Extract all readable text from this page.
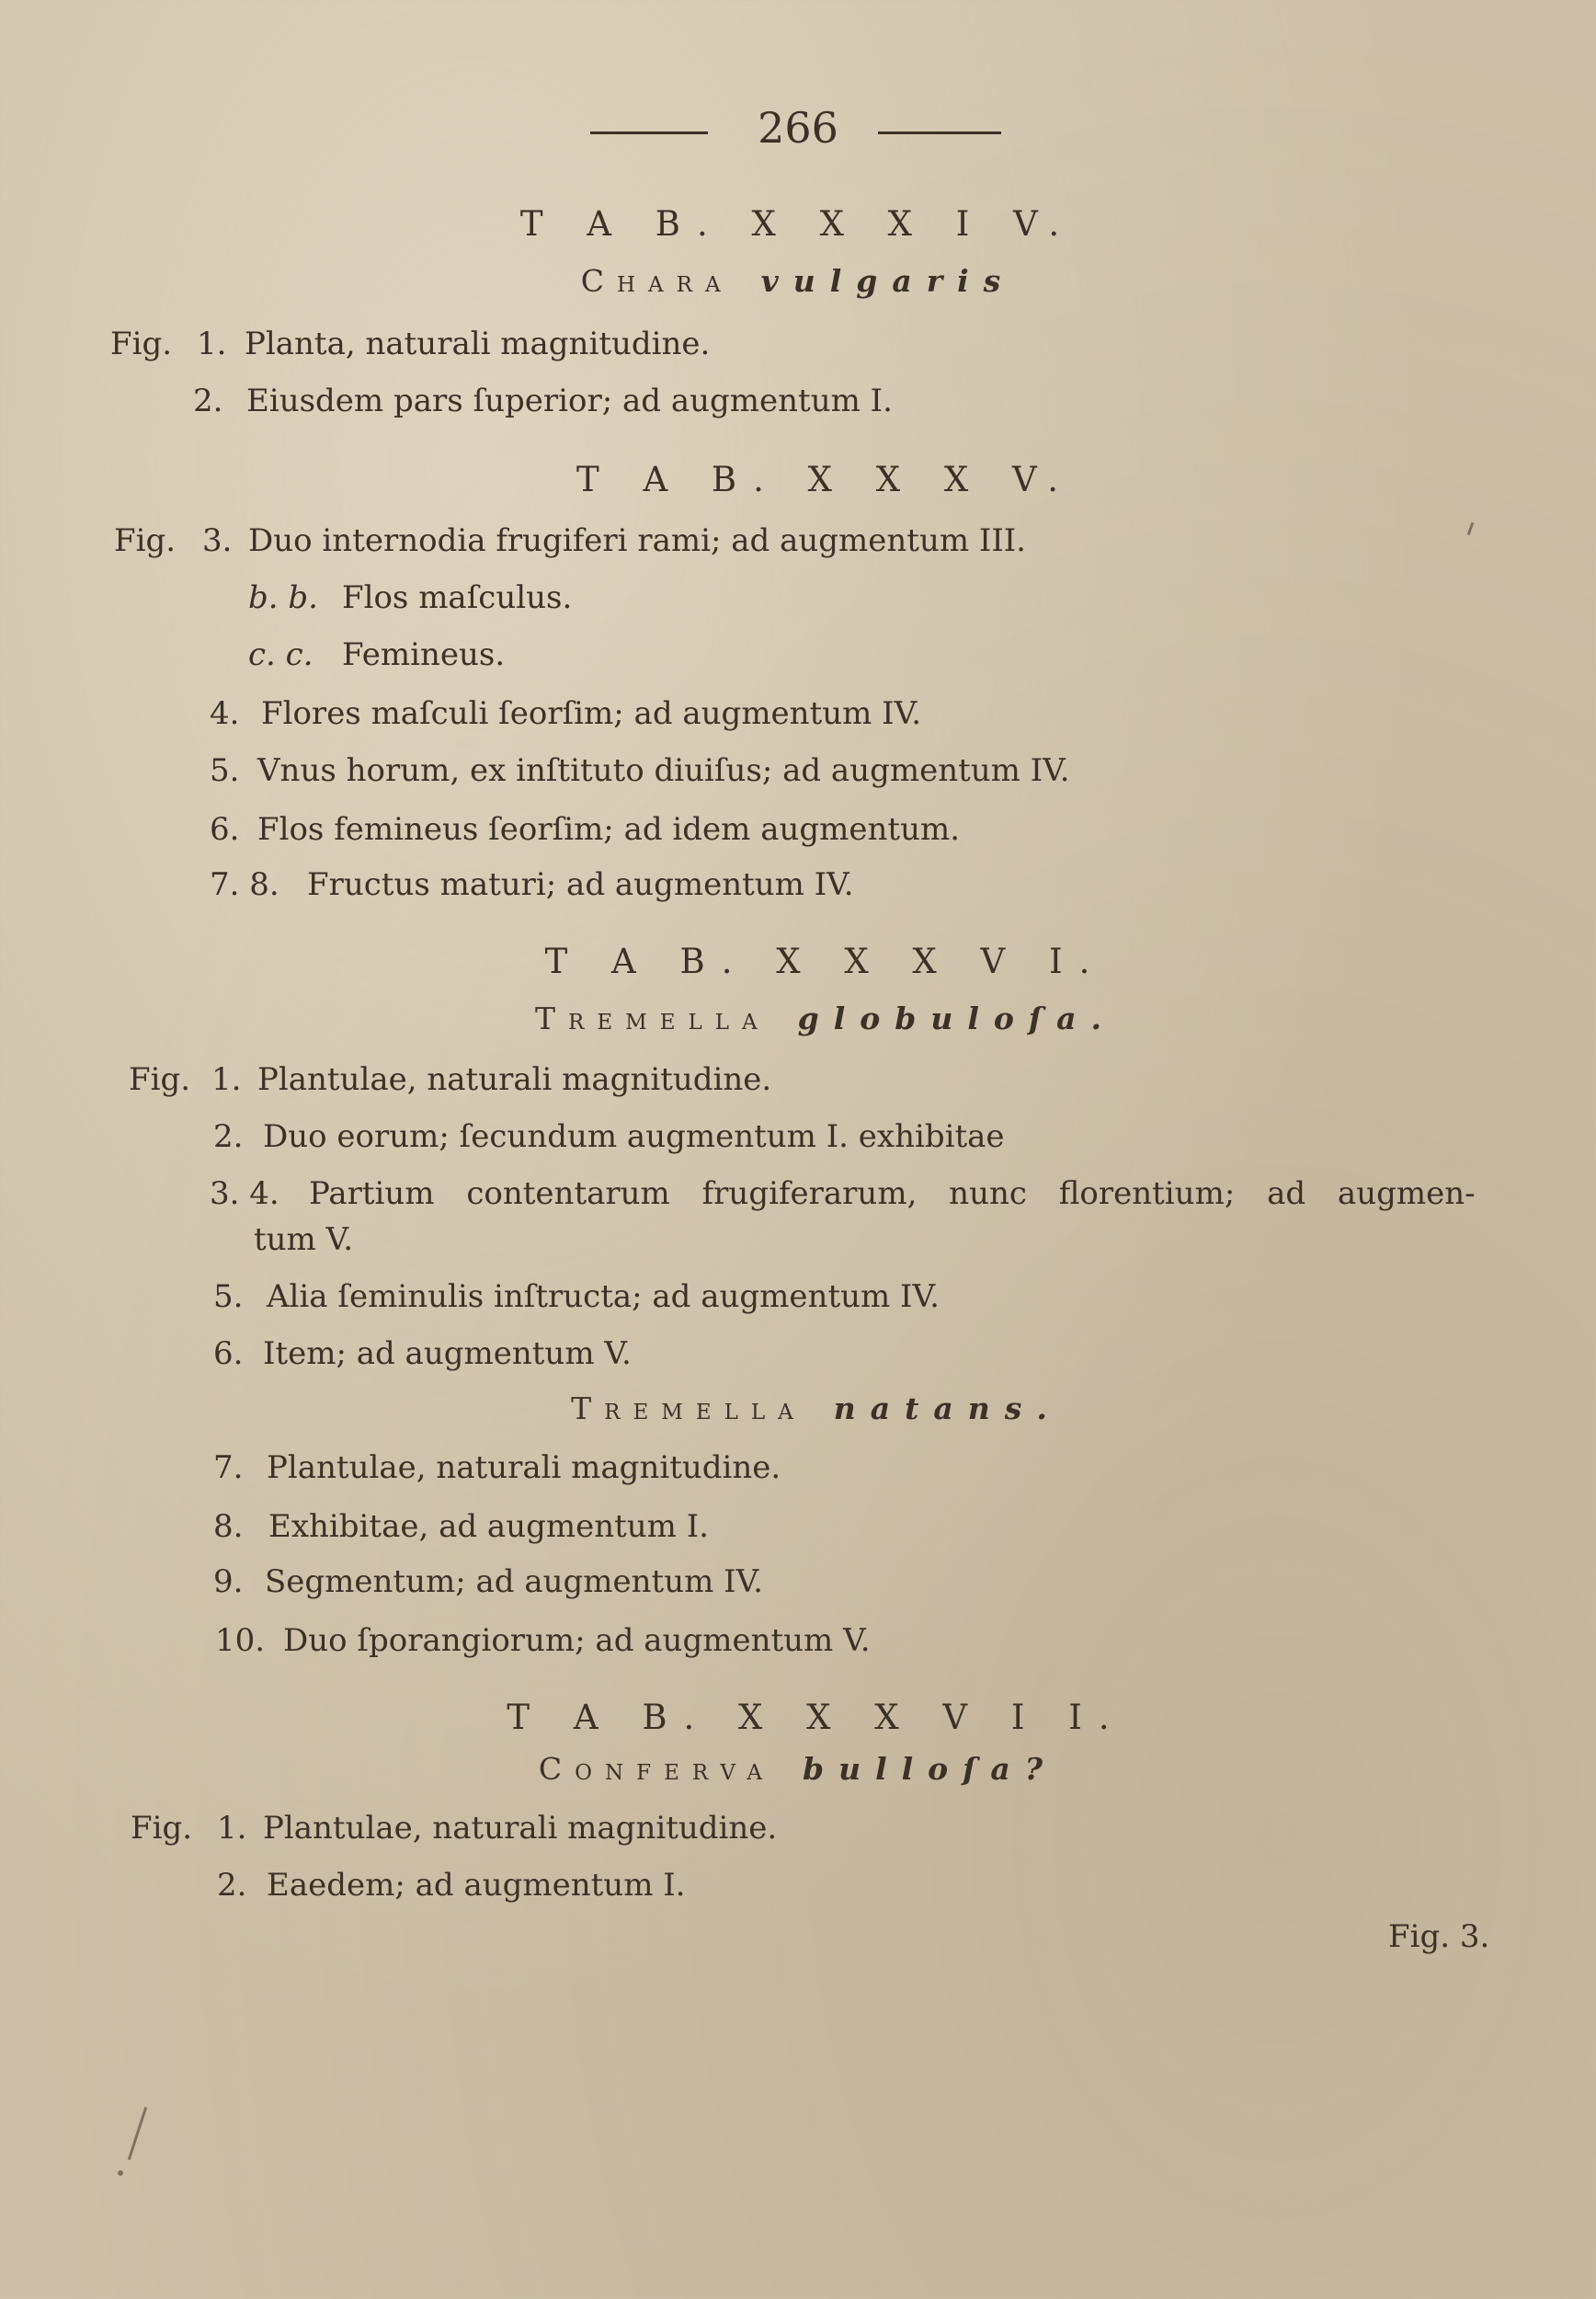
266
T A B. X X X I V.
Chara vulgaris
Fig. 1. Planta, naturali magnitudine.
2. Eiusdem pars ſuperior; ad augmentum I.
T A B. X X X V.
Fig. 3. Duo internodia frugiferi rami; ad augmentum III.
b. b. Flos maſculus.
c. c. Femineus.
4. Flores maſculi ſeorſim; ad augmentum IV.
5. Vnus horum, ex inſtituto diuiſus; ad augmentum IV.
6. Flos femineus ſeorſim; ad idem augmentum.
7. 8. Fructus maturi; ad augmentum IV.
T A B. X X X V I.
Tremella globuloſa.
Fig. 1. Plantulae, naturali magnitudine.
2. Duo eorum; ſecundum augmentum I. exhibitae
3. 4. Partium contentarum frugiferarum, nunc florentium; ad augmen-
tum V.
5. Alia ſeminulis inſtructa; ad augmentum IV.
6. Item; ad augmentum V.
Tremella natans.
7. Plantulae, naturali magnitudine.
8. Exhibitae, ad augmentum I.
9. Segmentum; ad augmentum IV.
10. Duo ſporangiorum; ad augmentum V.
T A B. X X X V I I.
Conferva bulloſa?
Fig. 1. Plantulae, naturali magnitudine.
2. Eaedem; ad augmentum I.
Fig. 3.
